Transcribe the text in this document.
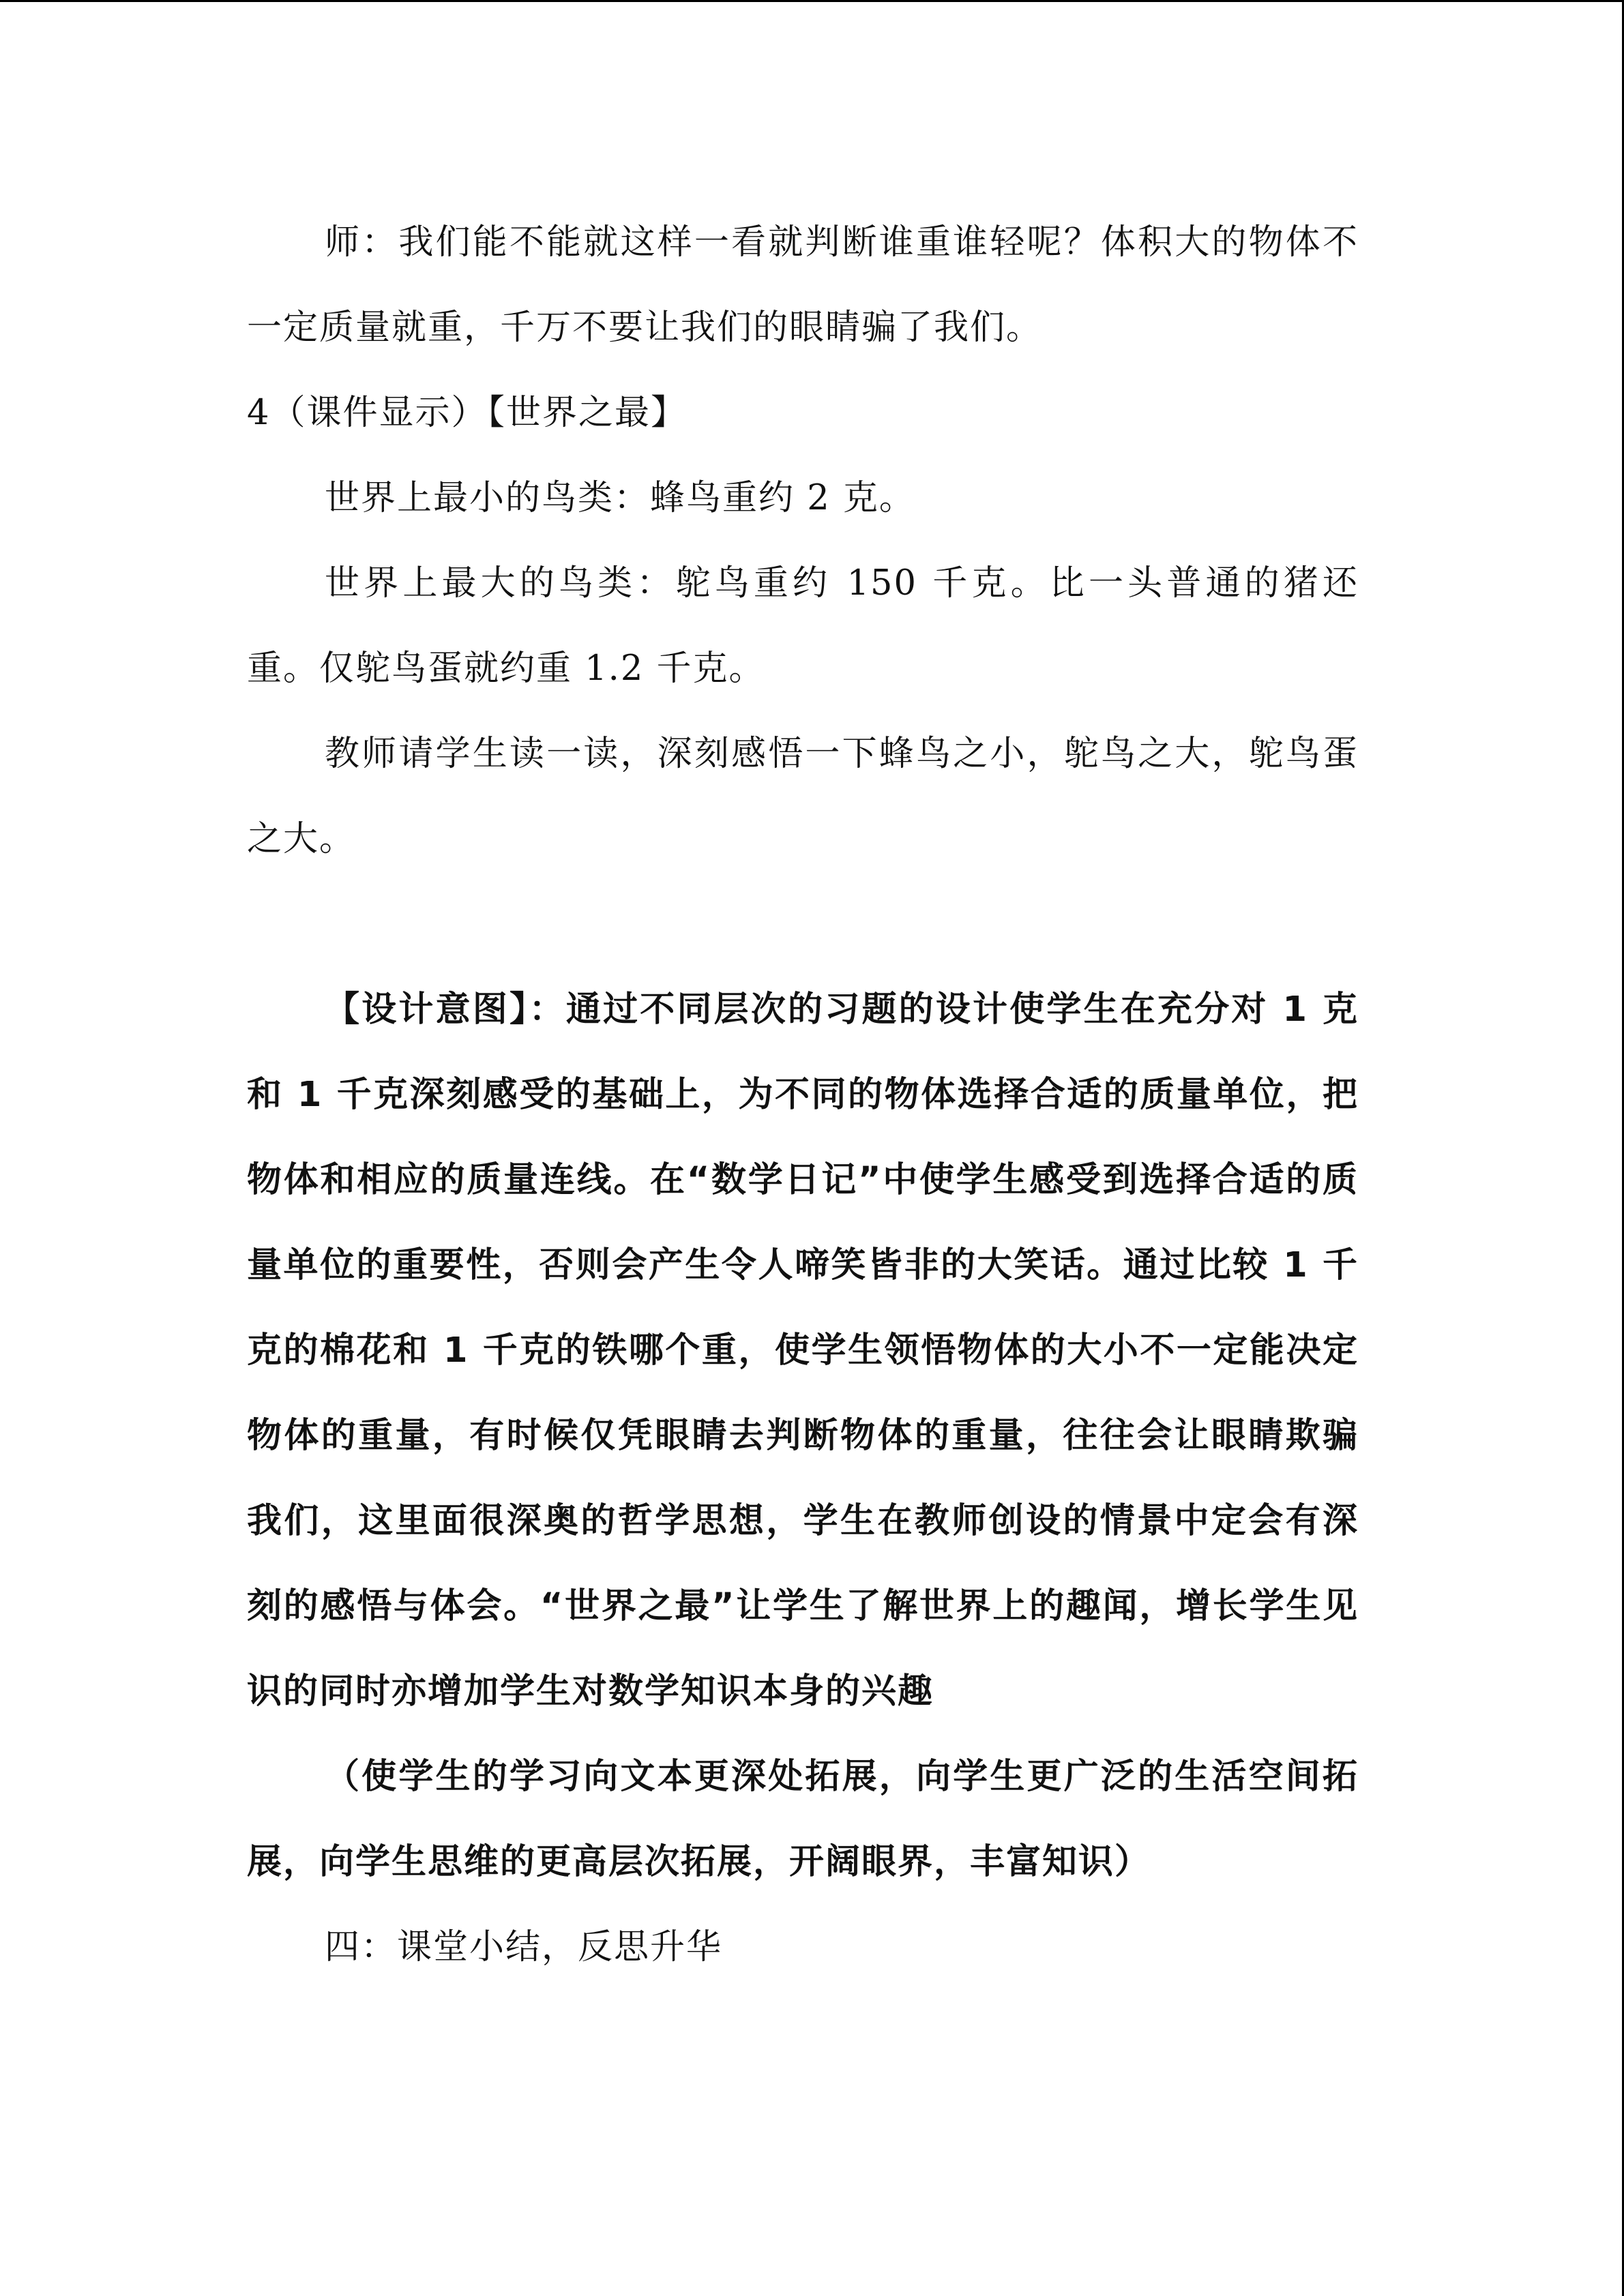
师：我们能不能就这样一看就判断谁重谁轻呢？体积大的物体不一定质量就重，千万不要让我们的眼睛骗了我们。

4（课件显示）【世界之最】

世界上最小的鸟类：蜂鸟重约 2 克。

世界上最大的鸟类：鸵鸟重约 150 千克。比一头普通的猪还重。仅鸵鸟蛋就约重 1.2 千克。

教师请学生读一读，深刻感悟一下蜂鸟之小，鸵鸟之大，鸵鸟蛋之大。

【设计意图】：通过不同层次的习题的设计使学生在充分对 1 克和 1 千克深刻感受的基础上，为不同的物体选择合适的质量单位，把物体和相应的质量连线。在“数学日记”中使学生感受到选择合适的质量单位的重要性，否则会产生令人啼笑皆非的大笑话。通过比较 1 千克的棉花和 1 千克的铁哪个重，使学生领悟物体的大小不一定能决定物体的重量，有时候仅凭眼睛去判断物体的重量，往往会让眼睛欺骗我们，这里面很深奥的哲学思想，学生在教师创设的情景中定会有深刻的感悟与体会。“世界之最”让学生了解世界上的趣闻，增长学生见识的同时亦增加学生对数学知识本身的兴趣

（使学生的学习向文本更深处拓展，向学生更广泛的生活空间拓展，向学生思维的更高层次拓展，开阔眼界，丰富知识）

四：课堂小结，反思升华
